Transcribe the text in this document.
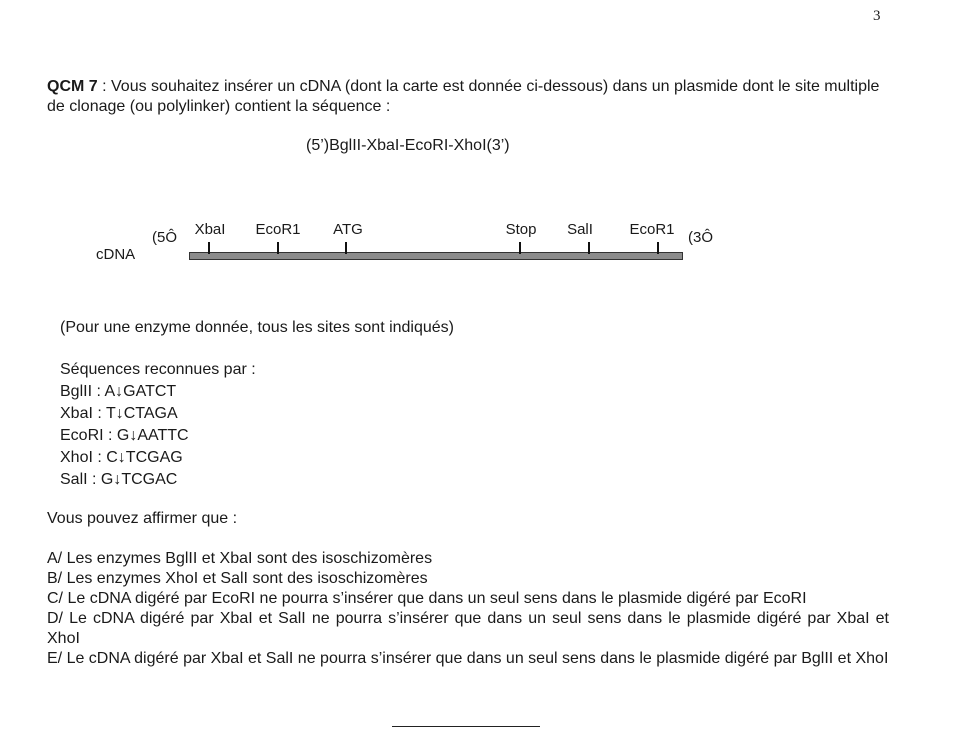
3
QCM 7 : Vous souhaitez insérer un cDNA (dont la carte est donnée ci-dessous) dans un plasmide dont le site multiple de clonage (ou polylinker) contient la séquence :
(5’)BglII-XbaI-EcoRI-XhoI(3’)
cDNA
(5Ô	(3Ô
XbaI EcoR1 ATG	Stop SalI EcoR1
(Pour une enzyme donnée, tous les sites sont indiqués)
Séquences reconnues par :
BglII : A↓GATCT
XbaI : T↓CTAGA
EcoRI : G↓AATTC
XhoI : C↓TCGAG
SalI : G↓TCGAC
Vous pouvez affirmer que :
A/ Les enzymes BglII et XbaI sont des isoschizomères
B/ Les enzymes XhoI et SalI sont des isoschizomères
C/ Le cDNA digéré par EcoRI ne pourra s’insérer que dans un seul sens dans le plasmide digéré par EcoRI
D/ Le cDNA digéré par XbaI et SalI ne pourra s’insérer que dans un seul sens dans le plasmide digéré par XbaI et XhoI
E/ Le cDNA digéré par XbaI et SalI ne pourra s’insérer que dans un seul sens dans le plasmide digéré par BglII et XhoI
